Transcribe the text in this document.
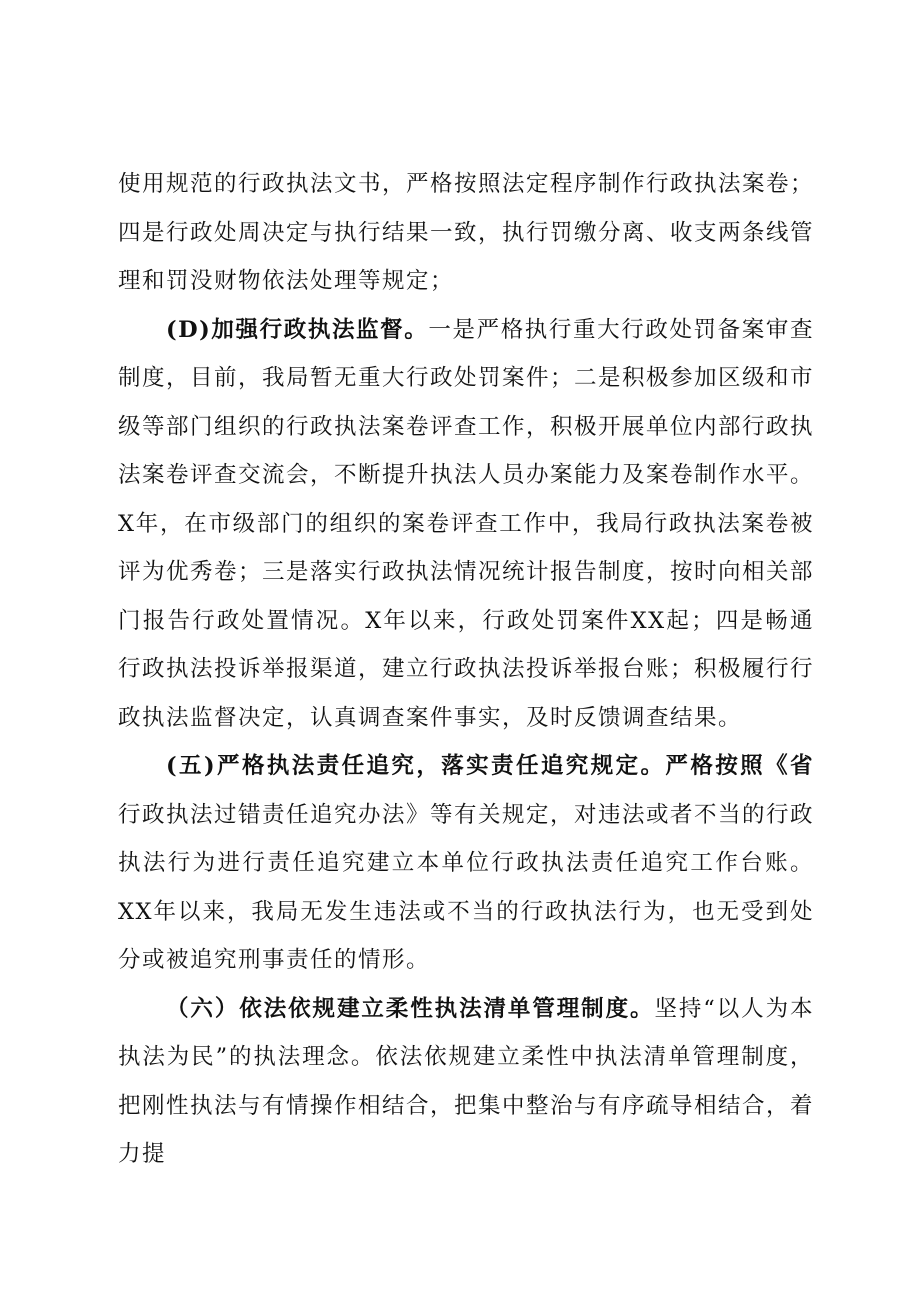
使用规范的行政执法文书，严格按照法定程序制作行政执法案卷；四是行政处周决定与执行结果一致，执行罚缴分离、收支两条线管理和罚没财物依法处理等规定；

(D)加强行政执法监督。一是严格执行重大行政处罚备案审查制度，目前，我局暂无重大行政处罚案件；二是积极参加区级和市级等部门组织的行政执法案卷评查工作，积极开展单位内部行政执法案卷评查交流会，不断提升执法人员办案能力及案卷制作水平。X年，在市级部门的组织的案卷评查工作中，我局行政执法案卷被评为优秀卷；三是落实行政执法情况统计报告制度，按时向相关部门报告行政处置情况。X年以来，行政处罚案件XX起；四是畅通行政执法投诉举报渠道，建立行政执法投诉举报台账；积极履行行政执法监督决定，认真调查案件事实，及时反馈调查结果。

(五)严格执法责任追究，落实责任追究规定。严格按照《省行政执法过错责任追究办法》等有关规定，对违法或者不当的行政执法行为进行责任追究建立本单位行政执法责任追究工作台账。XX年以来，我局无发生违法或不当的行政执法行为，也无受到处分或被追究刑事责任的情形。

（六）依法依规建立柔性执法清单管理制度。坚持“以人为本执法为民”的执法理念。依法依规建立柔性中执法清单管理制度，把刚性执法与有情操作相结合，把集中整治与有序疏导相结合，着力提
